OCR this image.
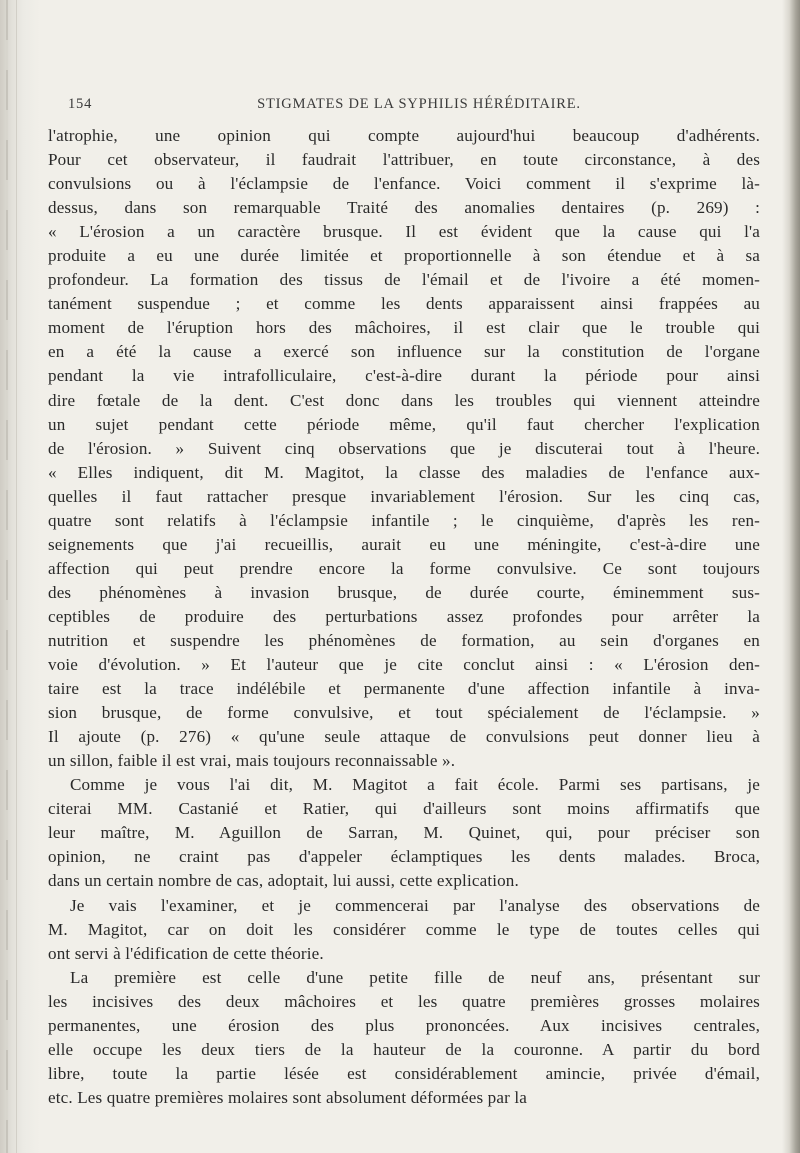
154	STIGMATES DE LA SYPHILIS HÉRÉDITAIRE.

l'atrophie, une opinion qui compte aujourd'hui beaucoup d'adhérents.
Pour cet observateur, il faudrait l'attribuer, en toute circonstance, à des
convulsions ou à l'éclampsie de l'enfance. Voici comment il s'exprime là-
dessus, dans son remarquable Traité des anomalies dentaires (p. 269) :
« L'érosion a un caractère brusque. Il est évident que la cause qui l'a
produite a eu une durée limitée et proportionnelle à son étendue et à sa
profondeur. La formation des tissus de l'émail et de l'ivoire a été momen-
tanément suspendue ; et comme les dents apparaissent ainsi frappées au
moment de l'éruption hors des mâchoires, il est clair que le trouble qui
en a été la cause a exercé son influence sur la constitution de l'organe
pendant la vie intrafolliculaire, c'est-à-dire durant la période pour ainsi
dire fœtale de la dent. C'est donc dans les troubles qui viennent atteindre
un sujet pendant cette période même, qu'il faut chercher l'explication
de l'érosion. » Suivent cinq observations que je discuterai tout à l'heure.
« Elles indiquent, dit M. Magitot, la classe des maladies de l'enfance aux-
quelles il faut rattacher presque invariablement l'érosion. Sur les cinq cas,
quatre sont relatifs à l'éclampsie infantile ; le cinquième, d'après les ren-
seignements que j'ai recueillis, aurait eu une méningite, c'est-à-dire une
affection qui peut prendre encore la forme convulsive. Ce sont toujours
des phénomènes à invasion brusque, de durée courte, éminemment sus-
ceptibles de produire des perturbations assez profondes pour arrêter la
nutrition et suspendre les phénomènes de formation, au sein d'organes en
voie d'évolution. » Et l'auteur que je cite conclut ainsi : « L'érosion den-
taire est la trace indélébile et permanente d'une affection infantile à inva-
sion brusque, de forme convulsive, et tout spécialement de l'éclampsie. »
Il ajoute (p. 276) « qu'une seule attaque de convulsions peut donner lieu à
un sillon, faible il est vrai, mais toujours reconnaissable ».

Comme je vous l'ai dit, M. Magitot a fait école. Parmi ses partisans, je
citerai MM. Castanié et Ratier, qui d'ailleurs sont moins affirmatifs que
leur maître, M. Aguillon de Sarran, M. Quinet, qui, pour préciser son
opinion, ne craint pas d'appeler éclamptiques les dents malades. Broca,
dans un certain nombre de cas, adoptait, lui aussi, cette explication.

Je vais l'examiner, et je commencerai par l'analyse des observations de
M. Magitot, car on doit les considérer comme le type de toutes celles qui
ont servi à l'édification de cette théorie.

La première est celle d'une petite fille de neuf ans, présentant sur
les incisives des deux mâchoires et les quatre premières grosses molaires
permanentes, une érosion des plus prononcées. Aux incisives centrales,
elle occupe les deux tiers de la hauteur de la couronne. A partir du bord
libre, toute la partie lésée est considérablement amincie, privée d'émail,
etc. Les quatre premières molaires sont absolument déformées par la
